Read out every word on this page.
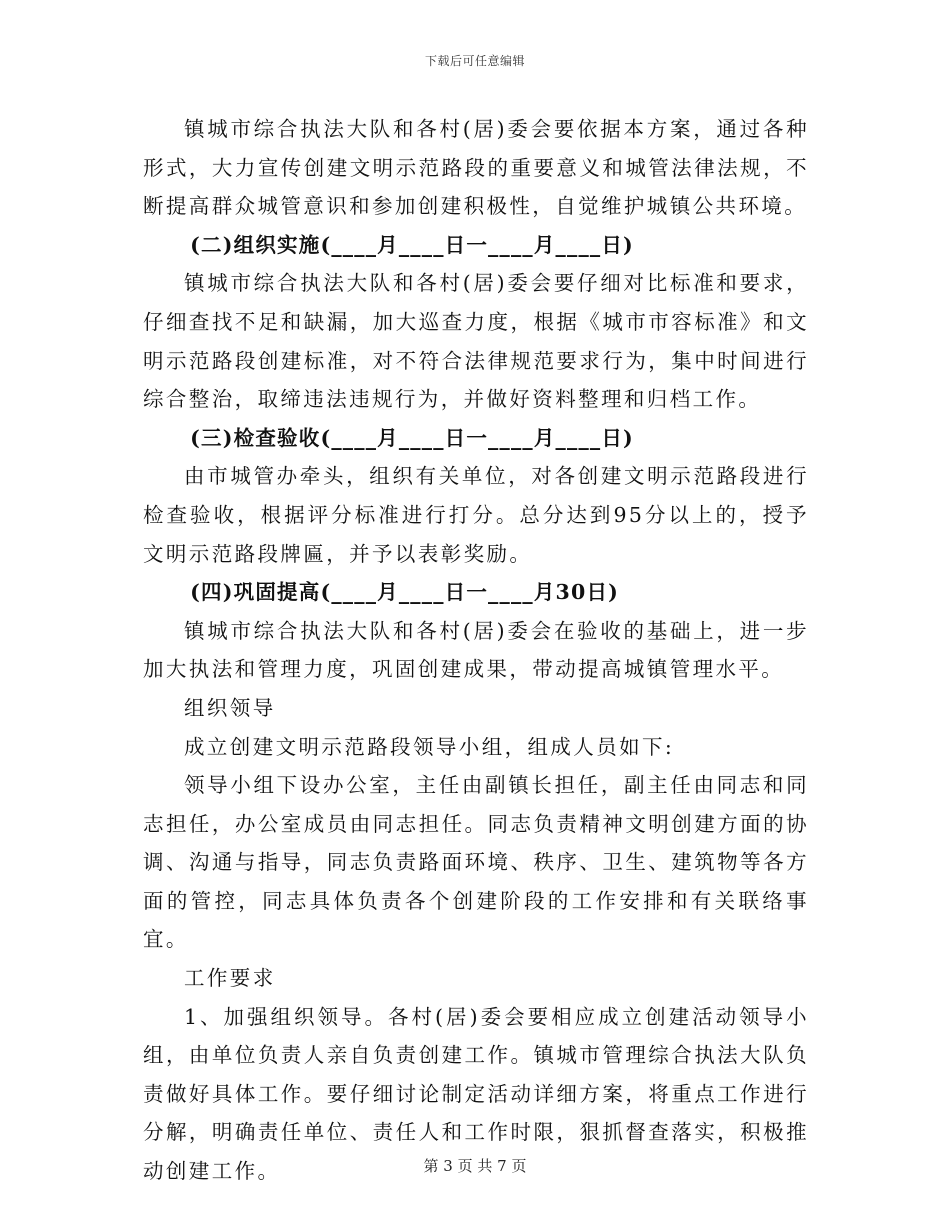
下载后可任意编辑

镇城市综合执法大队和各村(居)委会要依据本方案，通过各种形式，大力宣传创建文明示范路段的重要意义和城管法律法规，不断提高群众城管意识和参加创建积极性，自觉维护城镇公共环境。

(二)组织实施(____月____日一____月____日)

镇城市综合执法大队和各村(居)委会要仔细对比标准和要求，仔细查找不足和缺漏，加大巡查力度，根据《城市市容标准》和文明示范路段创建标准，对不符合法律规范要求行为，集中时间进行综合整治，取缔违法违规行为，并做好资料整理和归档工作。

(三)检查验收(____月____日一____月____日)

由市城管办牵头，组织有关单位，对各创建文明示范路段进行检查验收，根据评分标准进行打分。总分达到95分以上的，授予文明示范路段牌匾，并予以表彰奖励。

(四)巩固提高(____月____日一____月30日)

镇城市综合执法大队和各村(居)委会在验收的基础上，进一步加大执法和管理力度，巩固创建成果，带动提高城镇管理水平。

组织领导

成立创建文明示范路段领导小组，组成人员如下:

领导小组下设办公室，主任由副镇长担任，副主任由同志和同志担任，办公室成员由同志担任。同志负责精神文明创建方面的协调、沟通与指导，同志负责路面环境、秩序、卫生、建筑物等各方面的管控，同志具体负责各个创建阶段的工作安排和有关联络事宜。

工作要求

1、加强组织领导。各村(居)委会要相应成立创建活动领导小组，由单位负责人亲自负责创建工作。镇城市管理综合执法大队负责做好具体工作。要仔细讨论制定活动详细方案，将重点工作进行分解，明确责任单位、责任人和工作时限，狠抓督查落实，积极推动创建工作。	第 3 页 共 7 页
